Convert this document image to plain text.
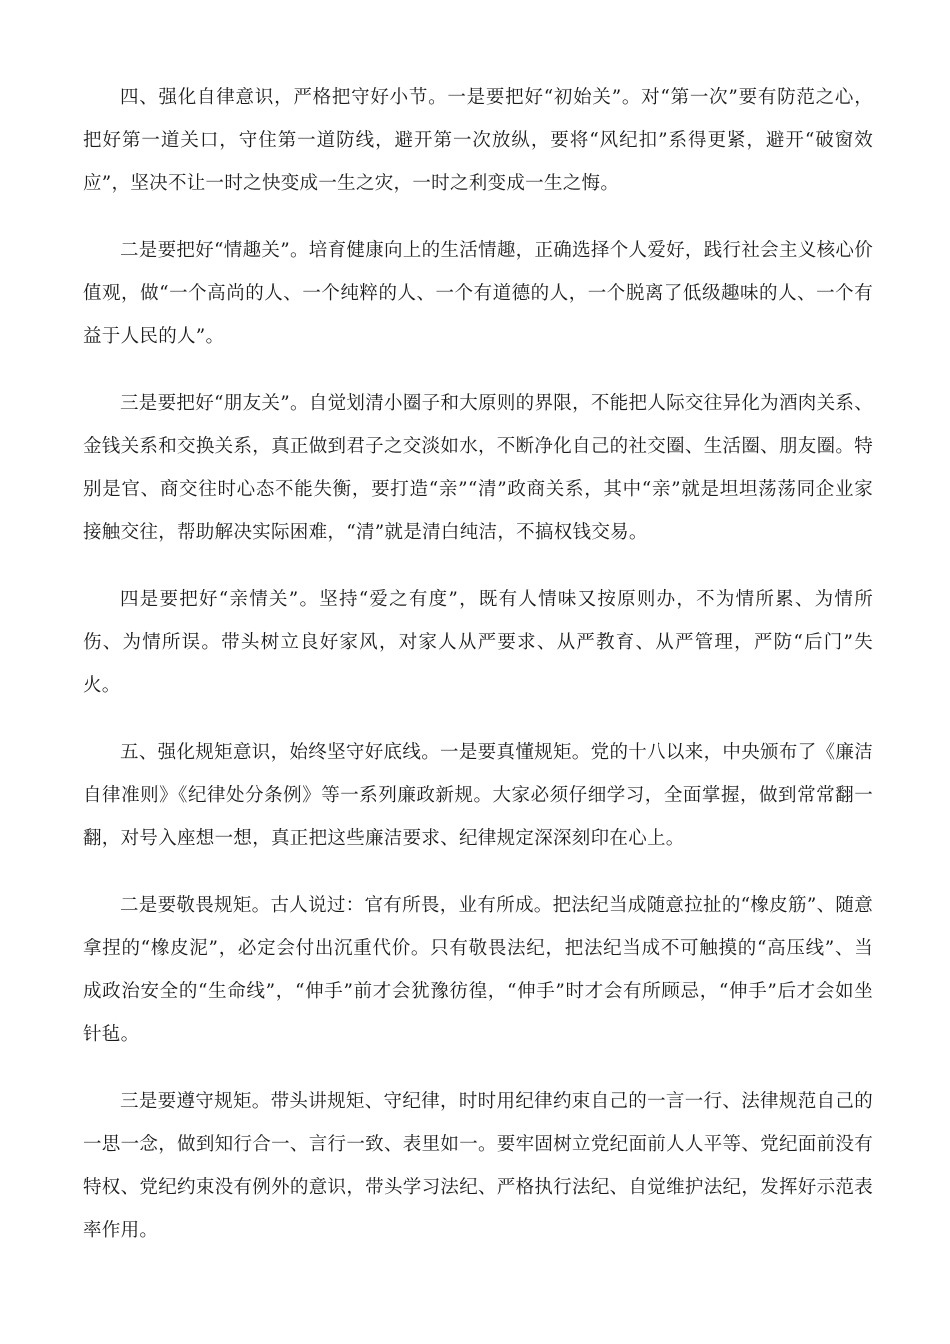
四、强化自律意识，严格把守好小节。一是要把好“初始关”。对“第一次”要有防范之心，把好第一道关口，守住第一道防线，避开第一次放纵，要将“风纪扣”系得更紧，避开“破窗效应”，坚决不让一时之快变成一生之灾，一时之利变成一生之悔。

二是要把好“情趣关”。培育健康向上的生活情趣，正确选择个人爱好，践行社会主义核心价值观，做“一个高尚的人、一个纯粹的人、一个有道德的人，一个脱离了低级趣味的人、一个有益于人民的人”。

三是要把好“朋友关”。自觉划清小圈子和大原则的界限，不能把人际交往异化为酒肉关系、金钱关系和交换关系，真正做到君子之交淡如水，不断净化自己的社交圈、生活圈、朋友圈。特别是官、商交往时心态不能失衡，要打造“亲”“清”政商关系，其中“亲”就是坦坦荡荡同企业家接触交往，帮助解决实际困难，“清”就是清白纯洁，不搞权钱交易。

四是要把好“亲情关”。坚持“爱之有度”，既有人情味又按原则办，不为情所累、为情所伤、为情所误。带头树立良好家风，对家人从严要求、从严教育、从严管理，严防“后门”失火。

五、强化规矩意识，始终坚守好底线。一是要真懂规矩。党的十八以来，中央颁布了《廉洁自律准则》《纪律处分条例》等一系列廉政新规。大家必须仔细学习，全面掌握，做到常常翻一翻，对号入座想一想，真正把这些廉洁要求、纪律规定深深刻印在心上。

二是要敬畏规矩。古人说过：官有所畏，业有所成。把法纪当成随意拉扯的“橡皮筋”、随意拿捏的“橡皮泥”，必定会付出沉重代价。只有敬畏法纪，把法纪当成不可触摸的“高压线”、当成政治安全的“生命线”，“伸手”前才会犹豫彷徨，“伸手”时才会有所顾忌，“伸手”后才会如坐针毡。

三是要遵守规矩。带头讲规矩、守纪律，时时用纪律约束自己的一言一行、法律规范自己的一思一念，做到知行合一、言行一致、表里如一。要牢固树立党纪面前人人平等、党纪面前没有特权、党纪约束没有例外的意识，带头学习法纪、严格执行法纪、自觉维护法纪，发挥好示范表率作用。
